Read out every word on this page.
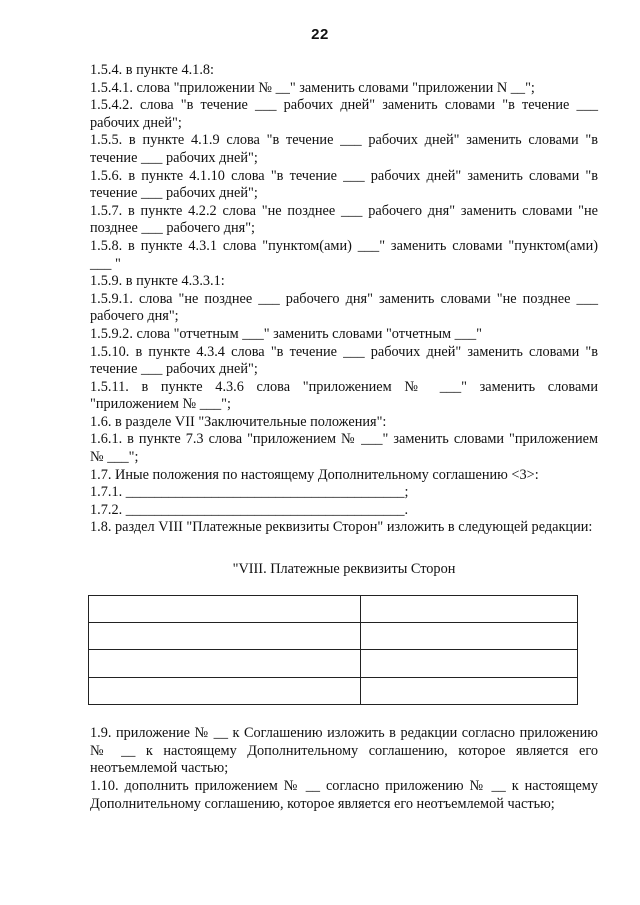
22

1.5.4. в пункте 4.1.8:

1.5.4.1. слова "приложении № __" заменить словами "приложении N __";

1.5.4.2. слова "в течение ___ рабочих дней" заменить словами "в течение ___ рабочих дней";

1.5.5. в пункте 4.1.9 слова "в течение ___ рабочих дней" заменить словами "в течение ___ рабочих дней";

1.5.6. в пункте 4.1.10 слова "в течение ___ рабочих дней" заменить словами "в течение ___ рабочих дней";

1.5.7. в пункте 4.2.2 слова "не позднее ___ рабочего дня" заменить словами "не позднее ___ рабочего дня";

1.5.8. в пункте 4.3.1 слова "пунктом(ами) ___" заменить словами "пунктом(ами) ___ "

1.5.9. в пункте 4.3.3.1:

1.5.9.1. слова "не позднее ___ рабочего дня" заменить словами "не позднее ___ рабочего дня";

1.5.9.2. слова "отчетным ___" заменить словами "отчетным ___"

1.5.10. в пункте 4.3.4 слова "в течение ___ рабочих дней" заменить словами "в течение ___ рабочих дней";

1.5.11. в пункте 4.3.6 слова "приложением № ___" заменить словами "приложением № ___";

1.6. в разделе VII "Заключительные положения":

1.6.1. в пункте 7.3 слова "приложением № ___" заменить словами "приложением № ___";

1.7. Иные положения по настоящему Дополнительному соглашению <3>:

1.7.1. _______________________________________;

1.7.2. _______________________________________.

1.8. раздел VIII "Платежные реквизиты Сторон" изложить в следующей редакции:

"VIII. Платежные реквизиты Сторон

1.9. приложение № __ к Соглашению изложить в редакции согласно приложению № __ к настоящему Дополнительному соглашению, которое является его неотъемлемой частью;

1.10. дополнить приложением № __ согласно приложению № __ к настоящему Дополнительному соглашению, которое является его неотъемлемой частью;
